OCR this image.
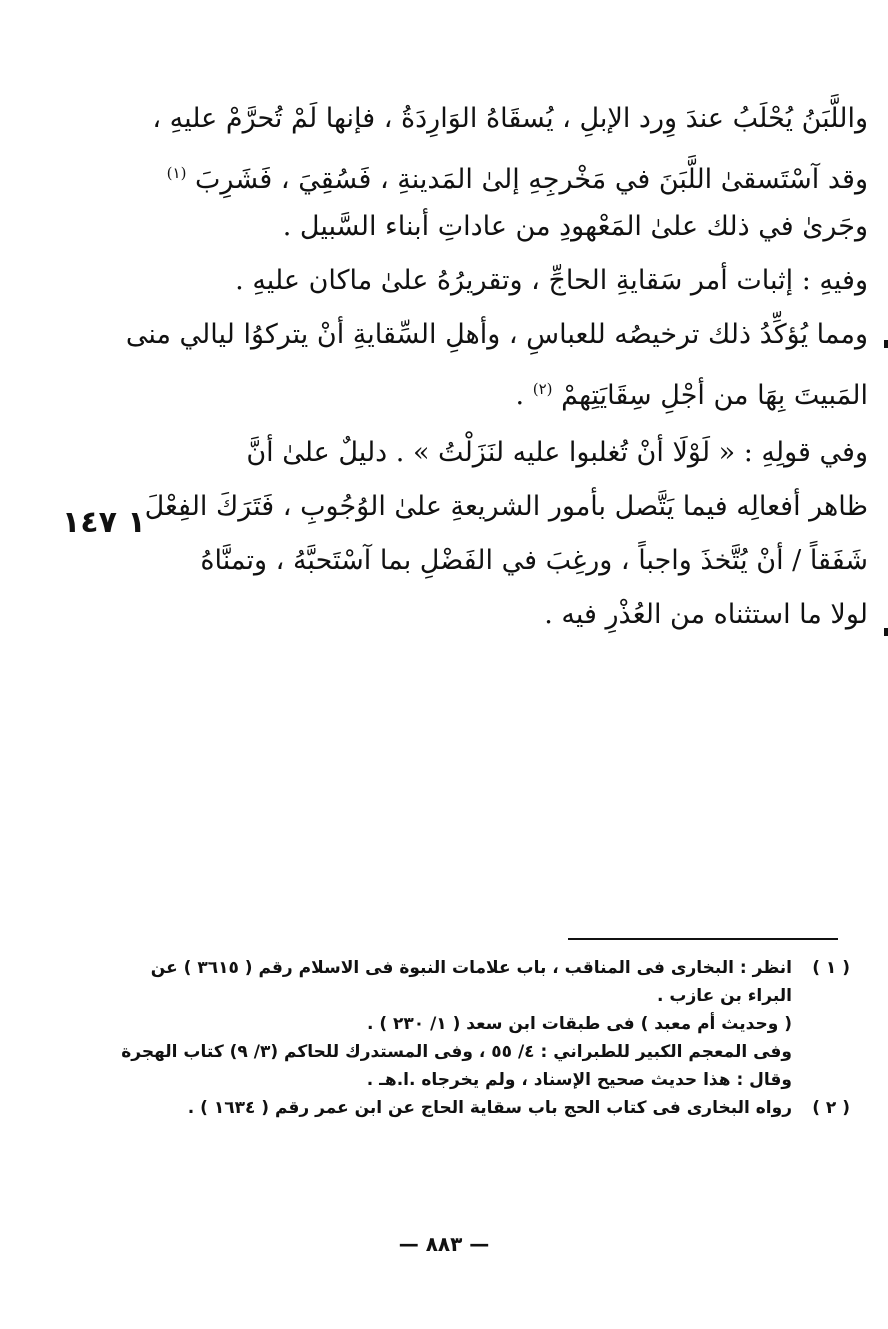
واللَّبَنُ يُحْلَبُ عندَ وِرد الإبلِ ، يُسقَاهُ الوَارِدَةُ ، فإنها لَمْ تُحرَّمْ عليهِ ،
وقد آسْتَسقىٰ اللَّبَنَ في مَخْرجِهِ إلىٰ المَدينةِ ، فَسُقِيَ ، فَشَرِبَ $^{(١)}$
وجَرىٰ في ذلك علىٰ المَعْهودِ من عاداتِ أبناء السَّبيل .

وفيهِ : إثبات أمر سَقايةِ الحاجِّ ، وتقريرُهُ علىٰ ماكان عليهِ .

ومما يُؤكِّدُ ذلك ترخيصُه للعباسِ ، وأهلِ السِّقايةِ أنْ يتركوُا ليالي منى
المَبيتَ بِهَا من أجْلِ سِقَايَتِهمْ $^{(٢)}$ .

وفي قولِهِ : « لَوْلَا أنْ تُغلبوا عليه لنَزَلْتُ » . دليلٌ علىٰ أنَّ
ظاهر أفعالِه فيما يَتَّصل بأمور الشريعةِ علىٰ الوُجُوبِ ، فَتَرَكَ الفِعْلَ
شَفَقاً / أنْ يُتَّخذَ واجباً ، ورغِبَ في الفَضْلِ بما آسْتَحبَّهُ ، وتمنَّاهُ
لولا ما استثناه من العُذْرِ فيه .

١ ١٤٧
( ١ )انظر : البخارى فى المناقب ، باب علامات النبوة فى الاسلام رقم ( ٣٦١٥ ) عن
البراء بن عازب .
( وحديث أم معبد ) فى طبقات ابن سعد ( ١/ ٢٣٠ ) .
وفى المعجم الكبير للطبراني : ٤/ ٥٥ ، وفى المستدرك للحاكم (٣/ ٩) كتاب الهجرة
وقال : هذا حديث صحيح الإسناد ، ولم يخرجاه .ا.هـ .
( ٢ )رواه البخارى فى كتاب الحج باب سقاية الحاج عن ابن عمر رقم ( ١٦٣٤ ) .
— ٨٨٣ —
